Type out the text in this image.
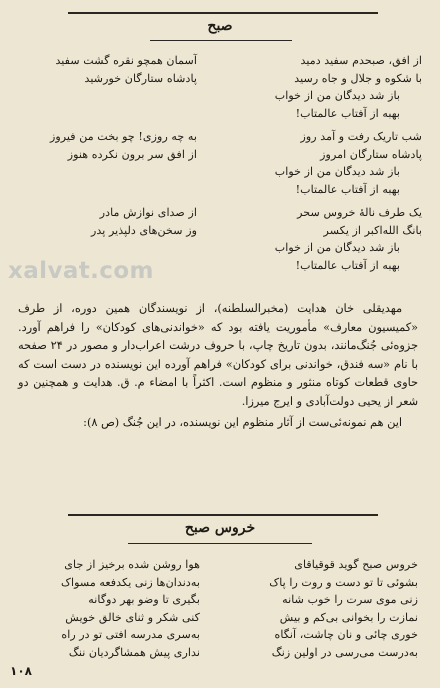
صبح
از افق، صبحدم سفید دمید
با شکوه و جلال و جاه رسید
باز شد دیدگان من از خواب
بهبه از آفتاب عالمتاب!
شب تاریک رفت و آمد روز
پادشاه ستارگان امروز
باز شد دیدگان من از خواب
بهبه از آفتاب عالمتاب!
یک طرف نالهٔ خروس سحر
بانگ الله‌اکبر از یکسر
باز شد دیدگان من از خواب
بهبه از آفتاب عالمتاب!
آسمان همچو نقره گشت سفید
پادشاه ستارگان خورشید

به چه روزی! چو بخت من فیروز
از افق سر برون نکرده هنوز

از صدای نوازش مادر
وز سخن‌های دلپذیر پدر
xalvat.com

مهدیقلی خان هدایت (مخبرالسلطنه)، از نویسندگان همین دوره، از طرف «کمیسیون معارف» مأموریت یافته بود که «خواندنی‌های کودکان» را فراهم آورد. جزوه‌ئی جُنگ‌مانند، بدون تاریخ چاپ، با حروف درشت اعراب‌دار و مصور در ۲۴ صفحه با نام «سه فندق، خواندنی برای کودکان» فراهم آورده این نویسنده در دست است که حاوی قطعات کوتاه منثور و منظوم است. اکثراً با امضاء م. ق. هدایت و همچنین دو شعر از یحیی دولت‌آبادی و ایرج میرزا.

این هم نمونه‌ئی‌ست از آثار منظوم این نویسنده، در این جُنگ (ص ۸):

خروس صبح
خروس صبح گوید قوقیاقای
بشوئی تا تو دست و روت را پاک
زنی موی سرت را خوب شانه
نمازت را بخوانی بی‌کم و بیش
خوری چائی و نان چاشت، آنگاه
به‌درست می‌رسی در اولین زنگ
هوا روشن شده برخیز از جای
به‌دندان‌ها زنی یکدفعه مسواک
بگیری تا وضو بهر دوگانه
کنی شکر و ثنای خالق خویش
به‌سری مدرسه افتی تو در راه
نداری پیش همشاگردیان ننگ
۱۰۸
